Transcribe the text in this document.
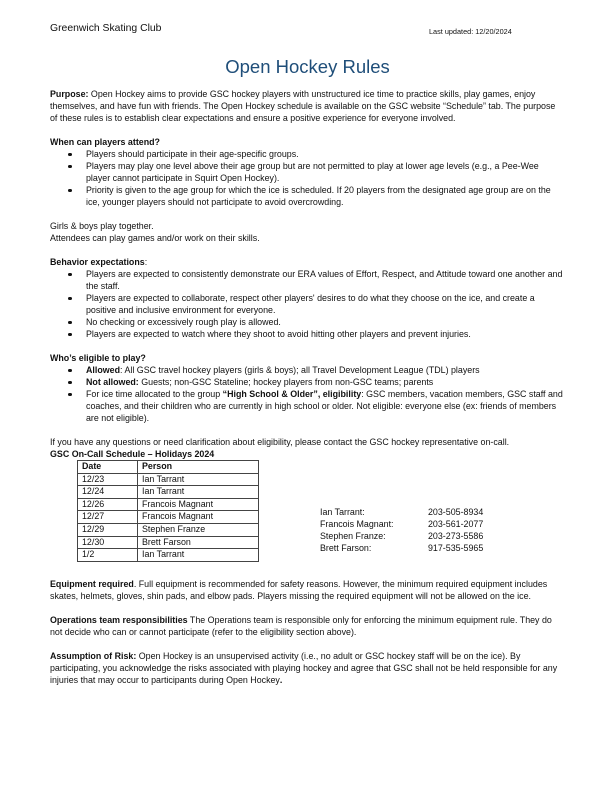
Greenwich Skating Club	Last updated: 12/20/2024
Open Hockey Rules

Purpose: Open Hockey aims to provide GSC hockey players with unstructured ice time to practice skills, play games, enjoy themselves, and have fun with friends. The Open Hockey schedule is available on the GSC website “Schedule” tab. The purpose of these rules is to establish clear expectations and ensure a positive experience for everyone involved.

When can players attend?

Players should participate in their age-specific groups.
Players may play one level above their age group but are not permitted to play at lower age levels (e.g., a Pee-Wee player cannot participate in Squirt Open Hockey).
Priority is given to the age group for which the ice is scheduled. If 20 players from the designated age group are on the ice, younger players should not participate to avoid overcrowding.

Girls & boys play together.

Attendees can play games and/or work on their skills.

Behavior expectations:

Players are expected to consistently demonstrate our ERA values of Effort, Respect, and Attitude toward one another and the staff.
Players are expected to collaborate, respect other players' desires to do what they choose on the ice, and create a positive and inclusive environment for everyone.
No checking or excessively rough play is allowed.
Players are expected to watch where they shoot to avoid hitting other players and prevent injuries.

Who’s eligible to play?

Allowed: All GSC travel hockey players (girls & boys); all Travel Development League (TDL) players
Not allowed: Guests; non-GSC Stateline; hockey players from non-GSC teams; parents
For ice time allocated to the group “High School & Older”, eligibility: GSC members, vacation members, GSC staff and coaches, and their children who are currently in high school or older. Not eligible: everyone else (ex: friends of members are not eligible).

If you have any questions or need clarification about eligibility, please contact the GSC hockey representative on-call.

GSC On-Call Schedule – Holidays 2024

Date	Person
12/23	Ian Tarrant
12/24	Ian Tarrant
12/26	Francois Magnant
12/27	Francois Magnant
12/29	Stephen Franze
12/30	Brett Farson
1/2	Ian Tarrant
Ian Tarrant:	203-505-8934
Francois Magnant:	203-561-2077
Stephen Franze:	203-273-5586
Brett Farson:	917-535-5965

Equipment required. Full equipment is recommended for safety reasons. However, the minimum required equipment includes skates, helmets, gloves, shin pads, and elbow pads. Players missing the required equipment will not be allowed on the ice.

Operations team responsibilities The Operations team is responsible only for enforcing the minimum equipment rule. They do not decide who can or cannot participate (refer to the eligibility section above).

Assumption of Risk: Open Hockey is an unsupervised activity (i.e., no adult or GSC hockey staff will be on the ice). By participating, you acknowledge the risks associated with playing hockey and agree that GSC shall not be held responsible for any injuries that may occur to participants during Open Hockey.
